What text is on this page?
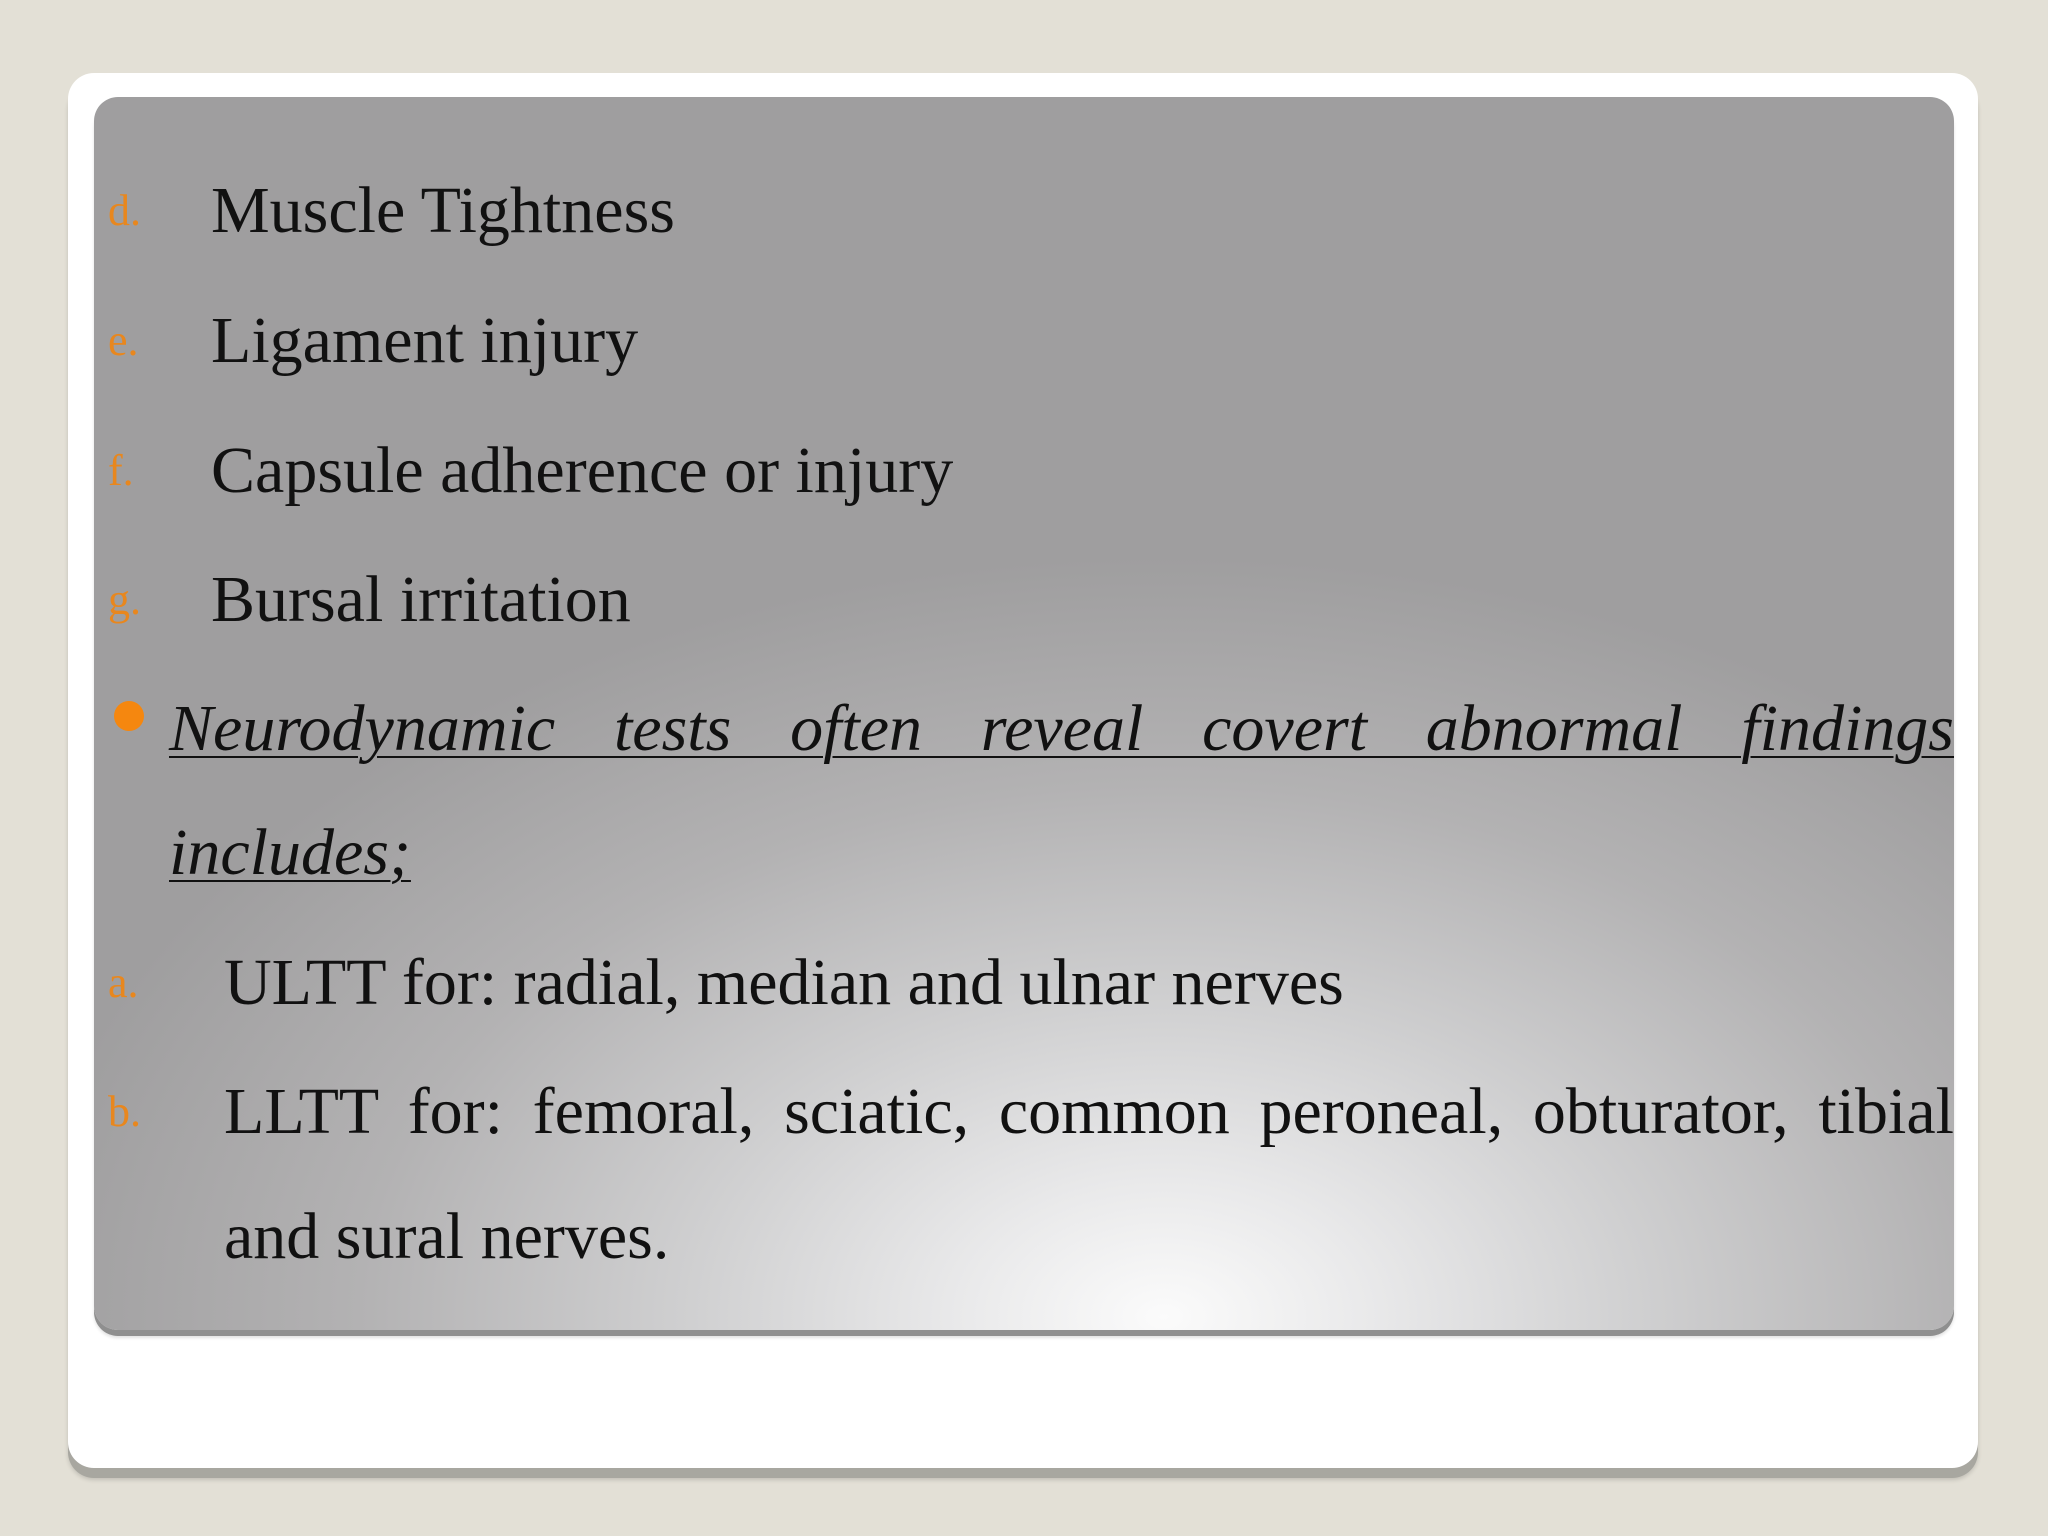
d. Muscle Tightness
e. Ligament injury
f. Capsule adherence or injury
g. Bursal irritation
Neurodynamic tests often reveal covert abnormal findings
includes;
a. ULTT for: radial, median and ulnar nerves
b. LLTT for: femoral, sciatic, common peroneal, obturator, tibial
and sural nerves.
